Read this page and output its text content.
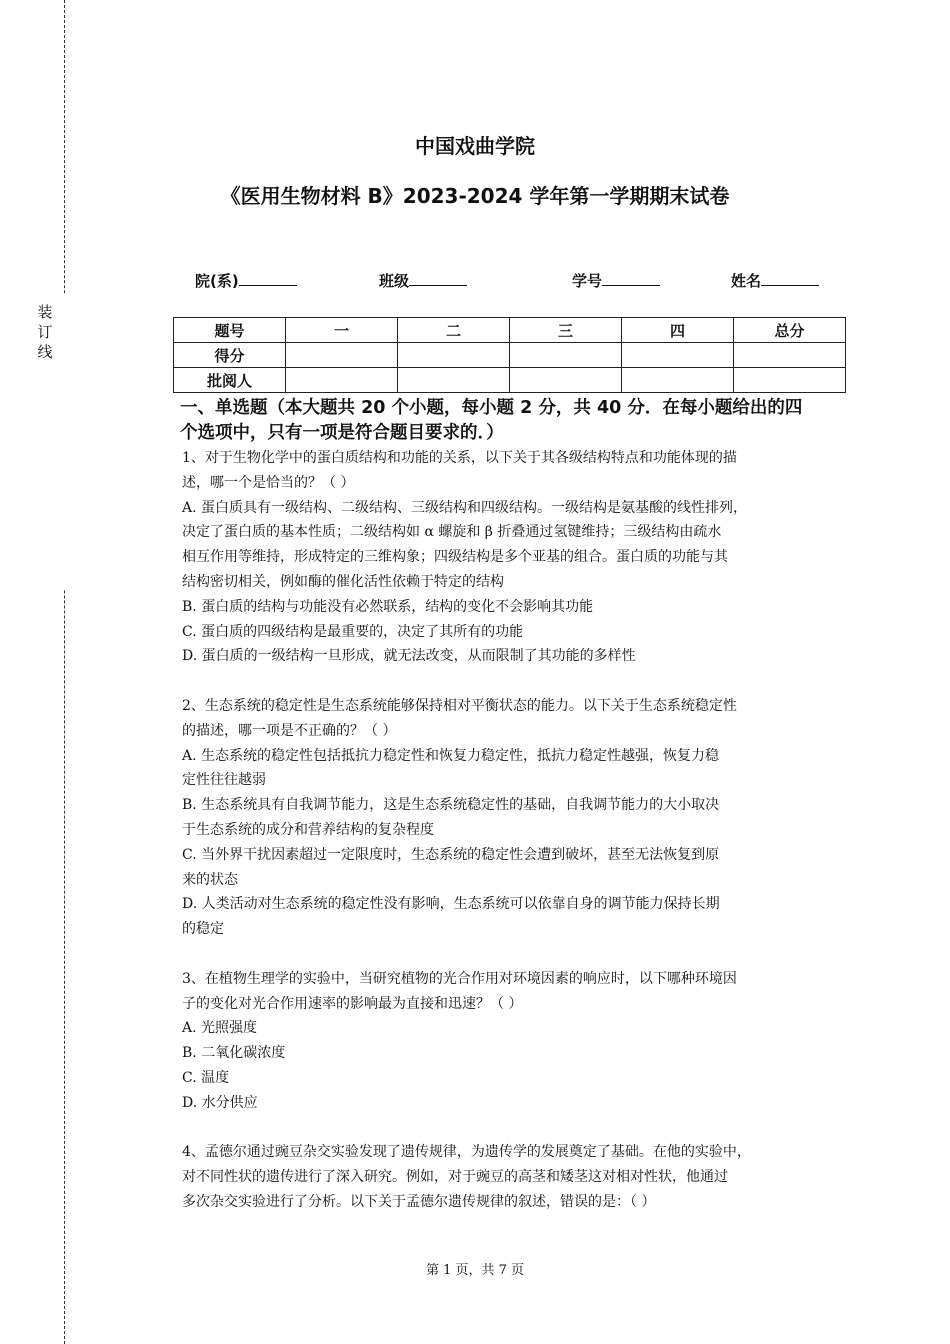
装
订
线
中国戏曲学院
《医用生物材料 B》2023-2024 学年第一学期期末试卷
院(系)	班级	学号	姓名
题号	一	二	三	四	总分
得分					
批阅人					
一、单选题（本大题共 20 个小题，每小题 2 分，共 40 分．在每小题给出的四
个选项中，只有一项是符合题目要求的．）

1、对于生物化学中的蛋白质结构和功能的关系，以下关于其各级结构特点和功能体现的描

述，哪一个是恰当的？（ ）

A. 蛋白质具有一级结构、二级结构、三级结构和四级结构。一级结构是氨基酸的线性排列，

决定了蛋白质的基本性质；二级结构如 α 螺旋和 β 折叠通过氢键维持；三级结构由疏水

相互作用等维持，形成特定的三维构象；四级结构是多个亚基的组合。蛋白质的功能与其

结构密切相关，例如酶的催化活性依赖于特定的结构

B. 蛋白质的结构与功能没有必然联系，结构的变化不会影响其功能

C. 蛋白质的四级结构是最重要的，决定了其所有的功能

D. 蛋白质的一级结构一旦形成，就无法改变，从而限制了其功能的多样性

2、生态系统的稳定性是生态系统能够保持相对平衡状态的能力。以下关于生态系统稳定性

的描述，哪一项是不正确的？（ ）

A. 生态系统的稳定性包括抵抗力稳定性和恢复力稳定性，抵抗力稳定性越强，恢复力稳

定性往往越弱

B. 生态系统具有自我调节能力，这是生态系统稳定性的基础，自我调节能力的大小取决

于生态系统的成分和营养结构的复杂程度

C. 当外界干扰因素超过一定限度时，生态系统的稳定性会遭到破坏，甚至无法恢复到原

来的状态

D. 人类活动对生态系统的稳定性没有影响，生态系统可以依靠自身的调节能力保持长期

的稳定

3、在植物生理学的实验中，当研究植物的光合作用对环境因素的响应时，以下哪种环境因

子的变化对光合作用速率的影响最为直接和迅速？（ ）

A. 光照强度

B. 二氧化碳浓度

C. 温度

D. 水分供应

4、孟德尔通过豌豆杂交实验发现了遗传规律，为遗传学的发展奠定了基础。在他的实验中，

对不同性状的遗传进行了深入研究。例如，对于豌豆的高茎和矮茎这对相对性状，他通过

多次杂交实验进行了分析。以下关于孟德尔遗传规律的叙述，错误的是：（ ）

第 1 页，共 7 页
